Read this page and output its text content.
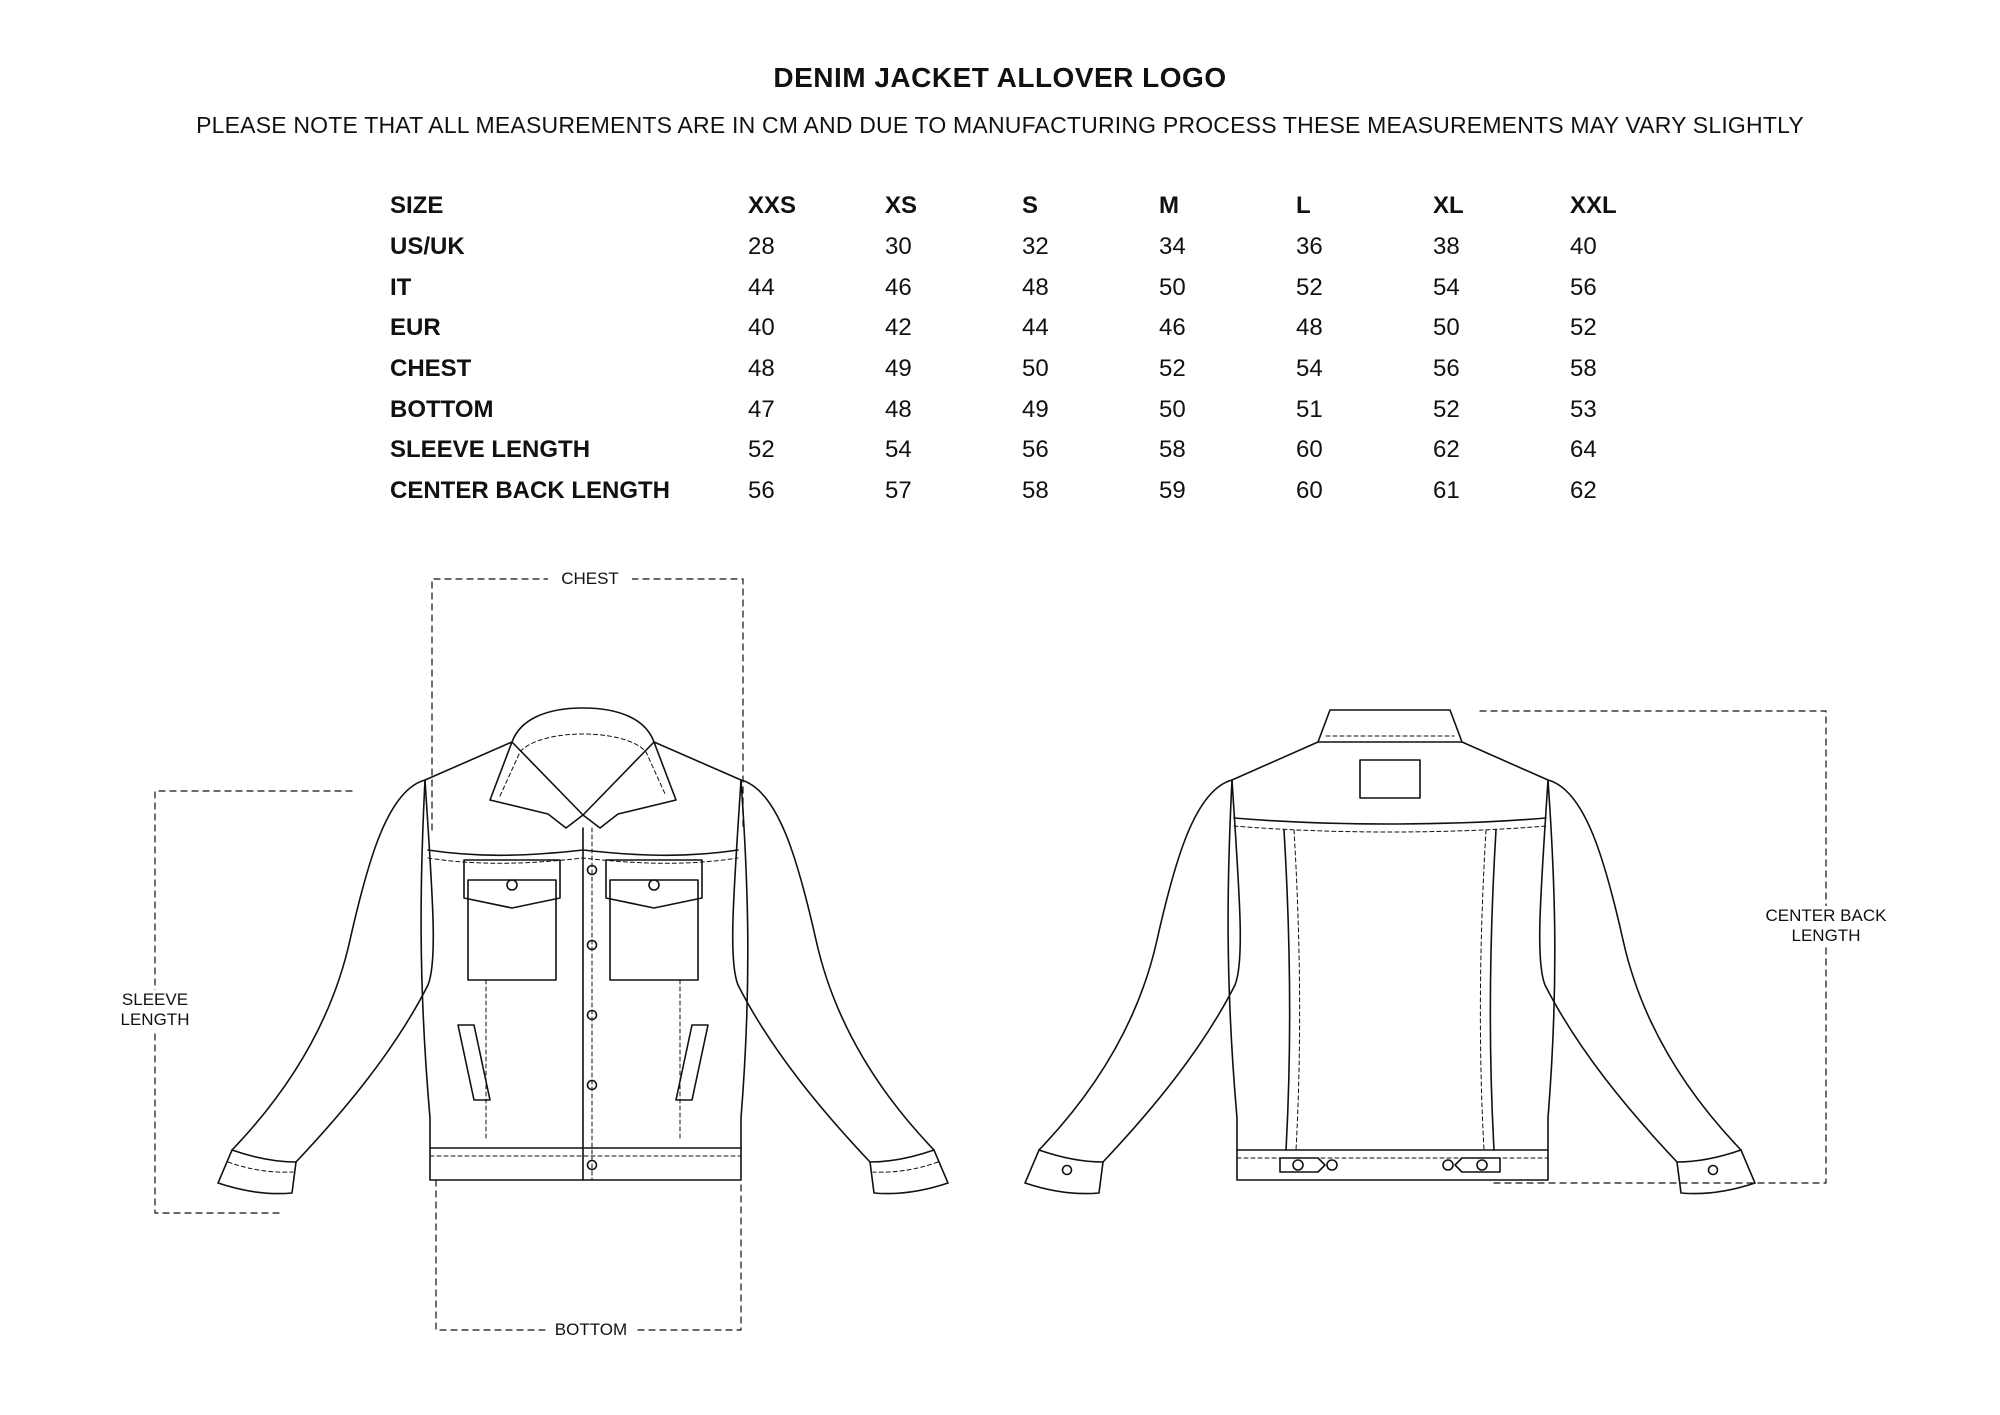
DENIM JACKET ALLOVER LOGO
PLEASE NOTE THAT ALL MEASUREMENTS ARE IN CM AND DUE TO MANUFACTURING PROCESS THESE MEASUREMENTS MAY VARY SLIGHTLY
SIZE	XXS	XS	S	M	L	XL	XXL
US/UK	28	30	32	34	36	38	40
IT	44	46	48	50	52	54	56
EUR	40	42	44	46	48	50	52
CHEST	48	49	50	52	54	56	58
BOTTOM	47	48	49	50	51	52	53
SLEEVE LENGTH	52	54	56	58	60	62	64
CENTER BACK LENGTH	56	57	58	59	60	61	62
CHEST
BOTTOM
SLEEVE
LENGTH
CENTER BACK
LENGTH
